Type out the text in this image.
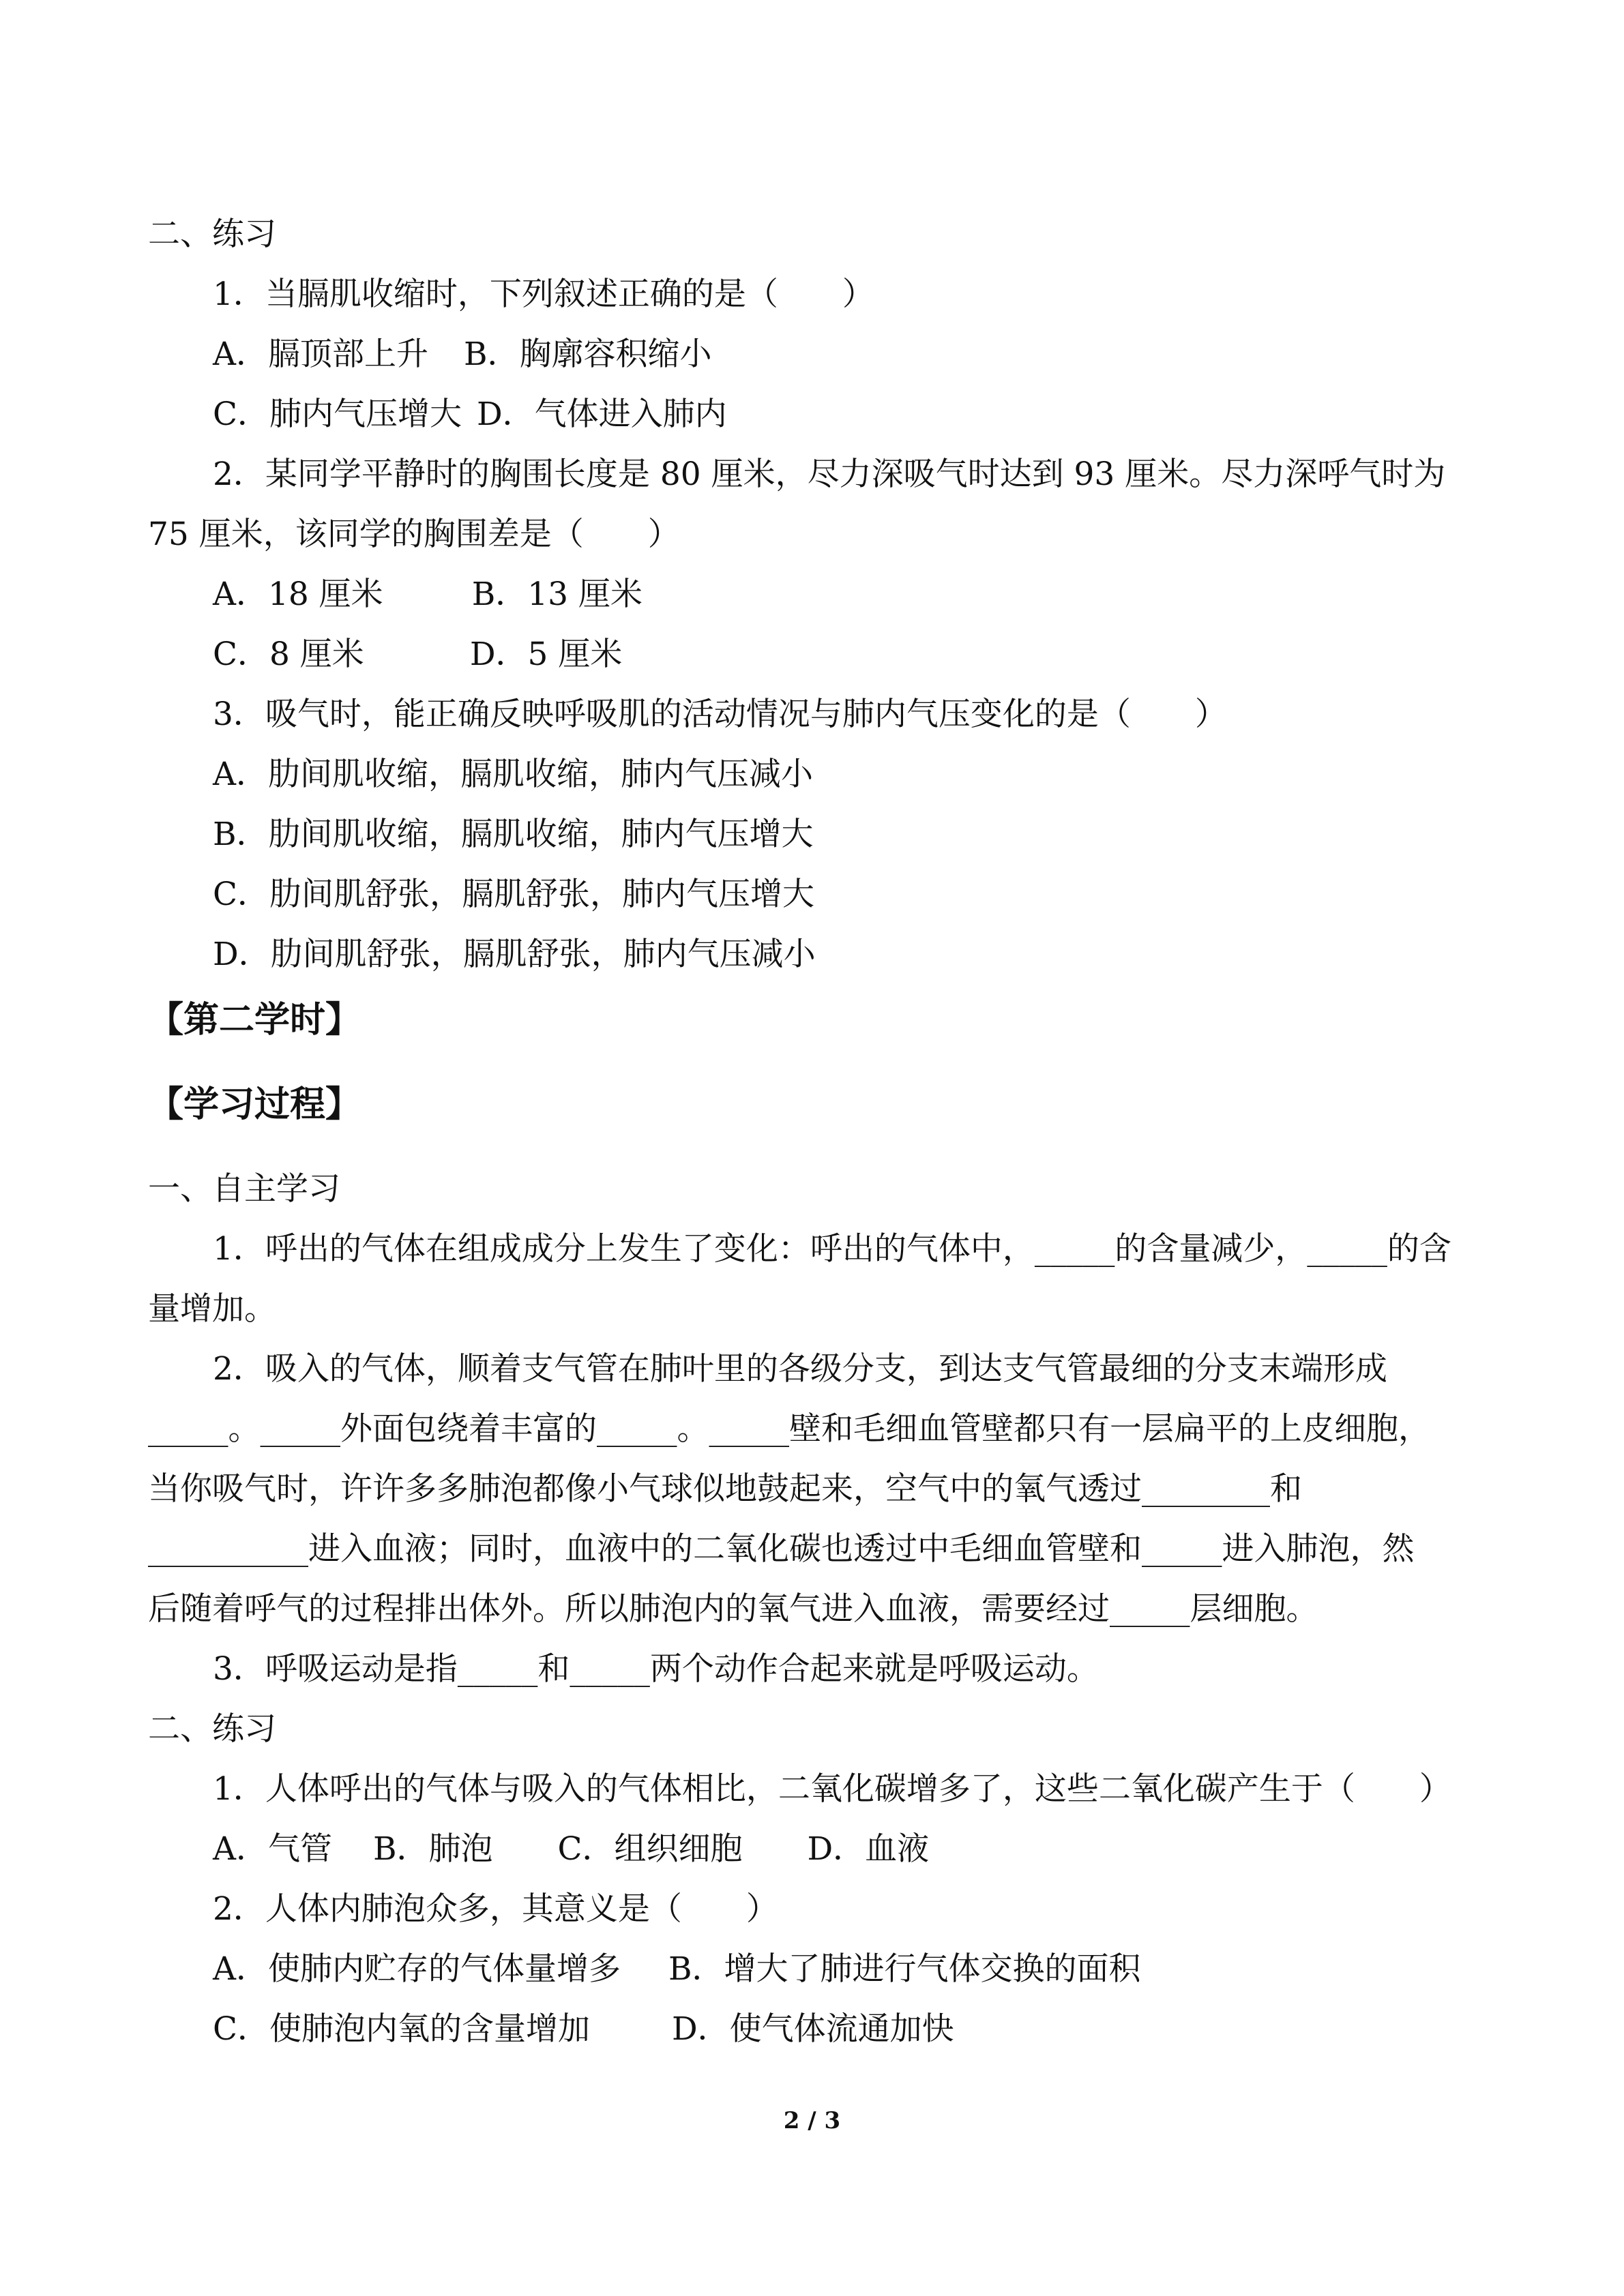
二、练习
1．当膈肌收缩时，下列叙述正确的是（　　）
A．膈顶部上升 B．胸廓容积缩小
C．肺内气压增大 D．气体进入肺内
2．某同学平静时的胸围长度是 80 厘米，尽力深吸气时达到 93 厘米。尽力深呼气时为
75 厘米，该同学的胸围差是（　　）
A．18 厘米	B．13 厘米
C．8 厘米	D．5 厘米
3．吸气时，能正确反映呼吸肌的活动情况与肺内气压变化的是（　　）
A．肋间肌收缩，膈肌收缩，肺内气压减小
B．肋间肌收缩，膈肌收缩，肺内气压增大
C．肋间肌舒张，膈肌舒张，肺内气压增大
D．肋间肌舒张，膈肌舒张，肺内气压减小
【第二学时】
【学习过程】
一、自主学习
1．呼出的气体在组成成分上发生了变化：呼出的气体中，_____的含量减少，_____的含
量增加。
2．吸入的气体，顺着支气管在肺叶里的各级分支，到达支气管最细的分支末端形成
_____。_____外面包绕着丰富的_____。_____壁和毛细血管壁都只有一层扁平的上皮细胞，
当你吸气时，许许多多肺泡都像小气球似地鼓起来，空气中的氧气透过________和
__________进入血液；同时，血液中的二氧化碳也透过中毛细血管壁和_____进入肺泡，然
后随着呼气的过程排出体外。所以肺泡内的氧气进入血液，需要经过_____层细胞。
3．呼吸运动是指_____和_____两个动作合起来就是呼吸运动。
二、练习
1．人体呼出的气体与吸入的气体相比，二氧化碳增多了，这些二氧化碳产生于（　　）
A．气管 B．肺泡 C．组织细胞 D．血液
2．人体内肺泡众多，其意义是（　　）
A．使肺内贮存的气体量增多 B．增大了肺进行气体交换的面积
C．使肺泡内氧的含量增加	D．使气体流通加快
2 / 3
